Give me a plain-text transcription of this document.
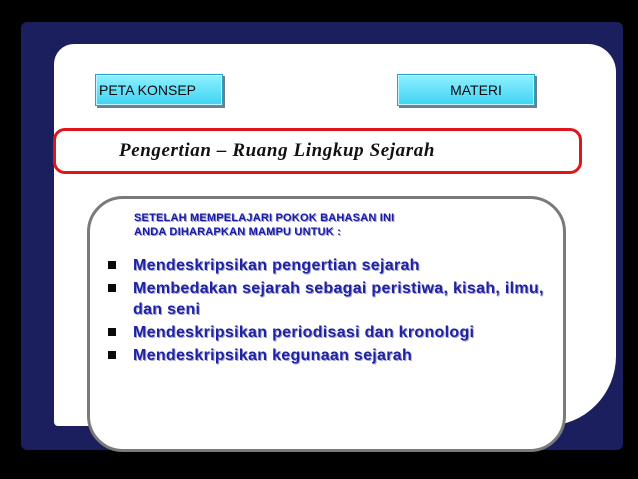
PETA KONSEP	MATERI
Pengertian – Ruang Lingkup Sejarah
SETELAH MEMPELAJARI POKOK BAHASAN INI
ANDA DIHARAPKAN MAMPU UNTUK :
Mendeskripsikan pengertian sejarah
Membedakan sejarah sebagai peristiwa, kisah, ilmu, dan seni
Mendeskripsikan periodisasi dan kronologi
Mendeskripsikan kegunaan sejarah
